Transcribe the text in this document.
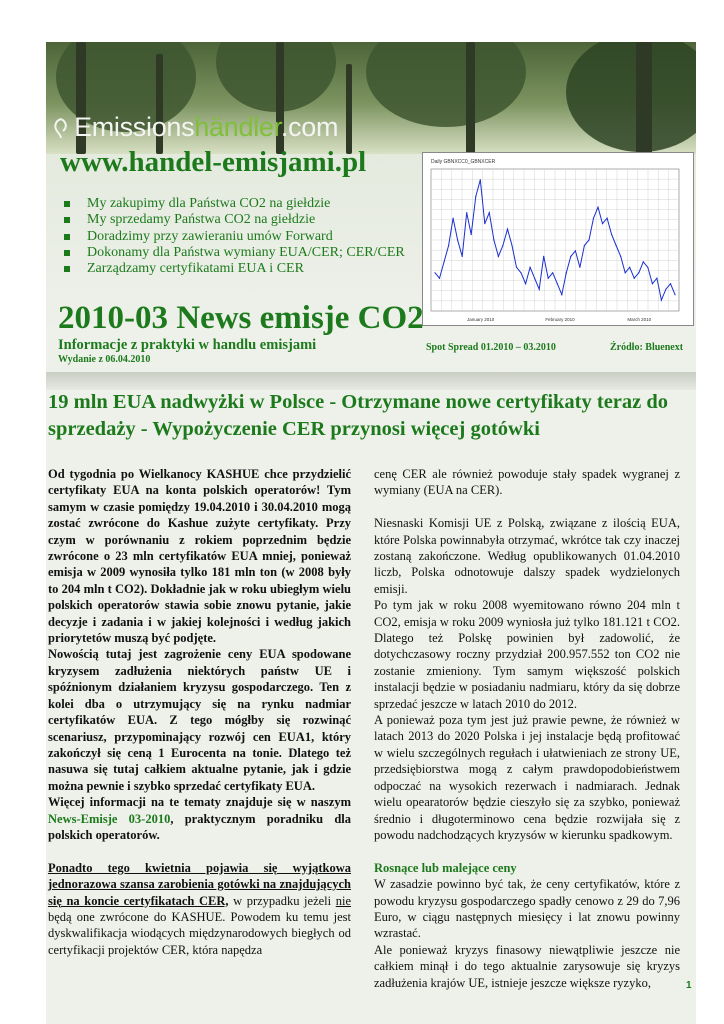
Emissionshändler.com
www.handel-emisjami.pl
My zakupimy dla Państwa CO2 na giełdzie
My sprzedamy Państwa CO2 na giełdzie
Doradzimy przy zawieraniu umów Forward
Dokonamy dla Państwa wymiany EUA/CER; CER/CER
Zarządzamy certyfikatami EUA i CER
Daily GBNXCC0_GBNXCER
January 2010	February 2010	March 2010
2010-03 News emisje CO2
Informacje z praktyki w handlu emisjami
Wydanie z 06.04.2010
Spot Spread 01.2010 – 03.2010	Źródło: Bluenext
19 mln EUA nadwyżki w Polsce - Otrzymane nowe certyfikaty teraz do sprzedaży - Wypożyczenie CER przynosi więcej gotówki

Od tygodnia po Wielkanocy KASHUE chce przydzielić certyfikaty EUA na konta polskich operatorów! Tym samym w czasie pomiędzy 19.04.2010 i 30.04.2010 mogą zostać zwrócone do Kashue zużyte certyfikaty. Przy czym w porównaniu z rokiem poprzednim będzie zwrócone o 23 mln certyfikatów EUA mniej, ponieważ emisja w 2009 wynosiła tylko 181 mln ton (w 2008 były to 204 mln t CO2). Dokładnie jak w roku ubiegłym wielu polskich operatorów stawia sobie znowu pytanie, jakie decyzje i zadania i w jakiej kolejności i według jakich priorytetów muszą być podjęte.

Nowością tutaj jest zagrożenie ceny EUA spodowane kryzysem zadłużenia niektórych państw UE i spóźnionym działaniem kryzysu gospodarczego. Ten z kolei dba o utrzymujący się na rynku nadmiar certyfikatów EUA. Z tego mógłby się rozwinąć scenariusz, przypominający rozwój cen EUA1, który zakończył się ceną 1 Eurocenta na tonie. Dlatego też nasuwa się tutaj całkiem aktualne pytanie, jak i gdzie można pewnie i szybko sprzedać certyfikaty EUA.

Więcej informacji na te tematy znajduje się w naszym News-Emisje 03-2010, praktycznym poradniku dla polskich operatorów.

Ponadto tego kwietnia pojawia się wyjątkowa jednorazowa szansa zarobienia gotówki na znajdujących się na koncie certyfikatach CER, w przypadku jeżeli nie będą one zwrócone do KASHUE. Powodem ku temu jest dyskwalifikacja wiodących międzynarodowych biegłych od certyfikacji projektów CER, która napędza

cenę CER ale również powoduje stały spadek wygranej z wymiany (EUA na CER).

Niesnaski Komisji UE z Polską, związane z ilością EUA, które Polska powinnabyła otrzymać, wkrótce tak czy inaczej zostaną zakończone. Według opublikowanych 01.04.2010 liczb, Polska odnotowuje dalszy spadek wydzielonych emisji.

Po tym jak w roku 2008 wyemitowano równo 204 mln t CO2, emisja w roku 2009 wyniosła już tylko 181.121 t CO2. Dlatego też Polskę powinien był zadowolić, że dotychczasowy roczny przydział 200.957.552 ton CO2 nie zostanie zmieniony. Tym samym większość polskich instalacji będzie w posiadaniu nadmiaru, który da się dobrze sprzedać jeszcze w latach 2010 do 2012.

A ponieważ poza tym jest już prawie pewne, że również w latach 2013 do 2020 Polska i jej instalacje będą profitować w wielu szczególnych regułach i ułatwieniach ze strony UE, przedsiębiorstwa mogą z całym prawdopodobieństwem odpoczać na wysokich rezerwach i nadmiarach. Jednak wielu opearatorów będzie cieszyło się za szybko, ponieważ średnio i długoterminowo cena będzie rozwijała się z powodu nadchodzących kryzysów w kierunku spadkowym.

Rosnące lub malejące ceny

W zasadzie powinno być tak, że ceny certyfikatów, które z powodu kryzysu gospodarczego spadły cenowo z 29 do 7,96 Euro, w ciągu następnych miesięcy i lat znowu powinny wzrastać.

Ale ponieważ kryzys finasowy niewątpliwie jeszcze nie całkiem minął i do tego aktualnie zarysowuje się kryzys zadłużenia krajów UE, istnieje jeszcze większe ryzyko,	1
